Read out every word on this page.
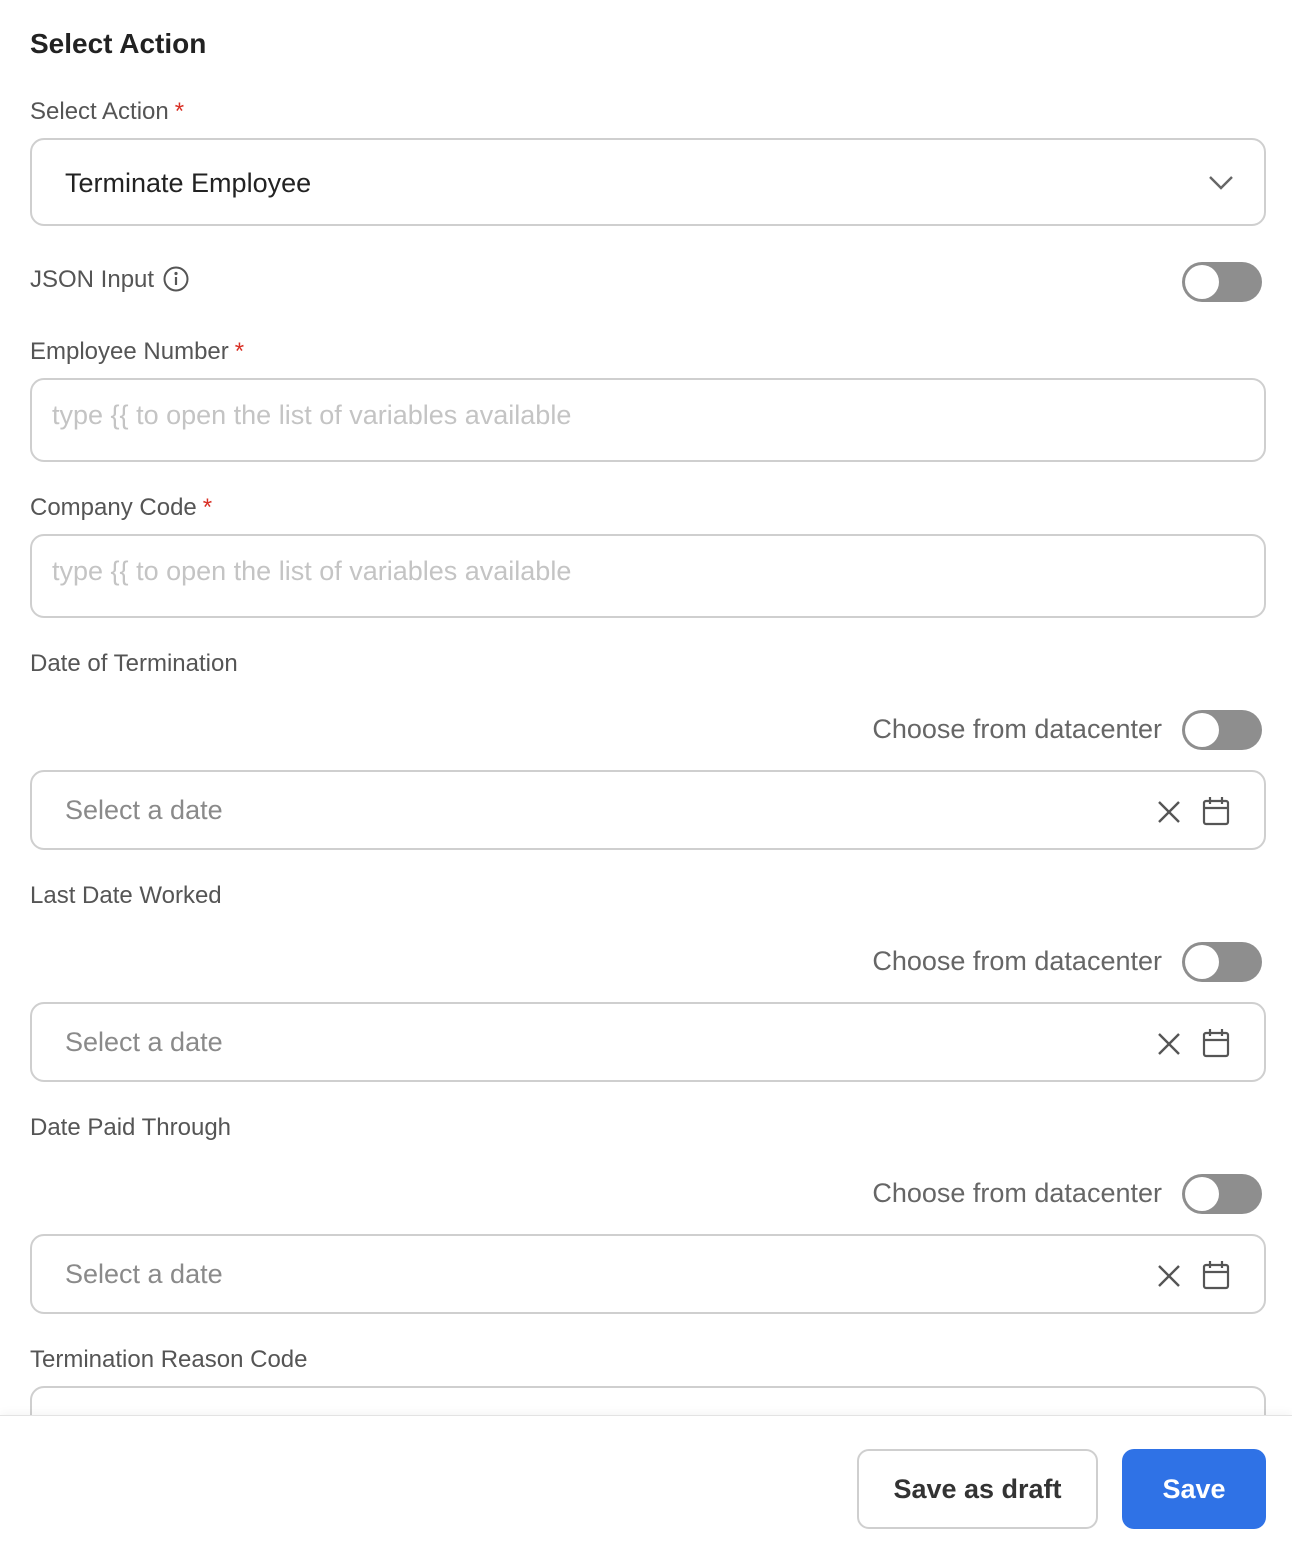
Select Action
Select Action *
Terminate Employee
JSON Input
Employee Number *
type {{ to open the list of variables available
Company Code *
type {{ to open the list of variables available
Date of Termination
Choose from datacenter
Select a date
Last Date Worked
Choose from datacenter
Select a date
Date Paid Through
Choose from datacenter
Select a date
Termination Reason Code
Save as draft	Save
